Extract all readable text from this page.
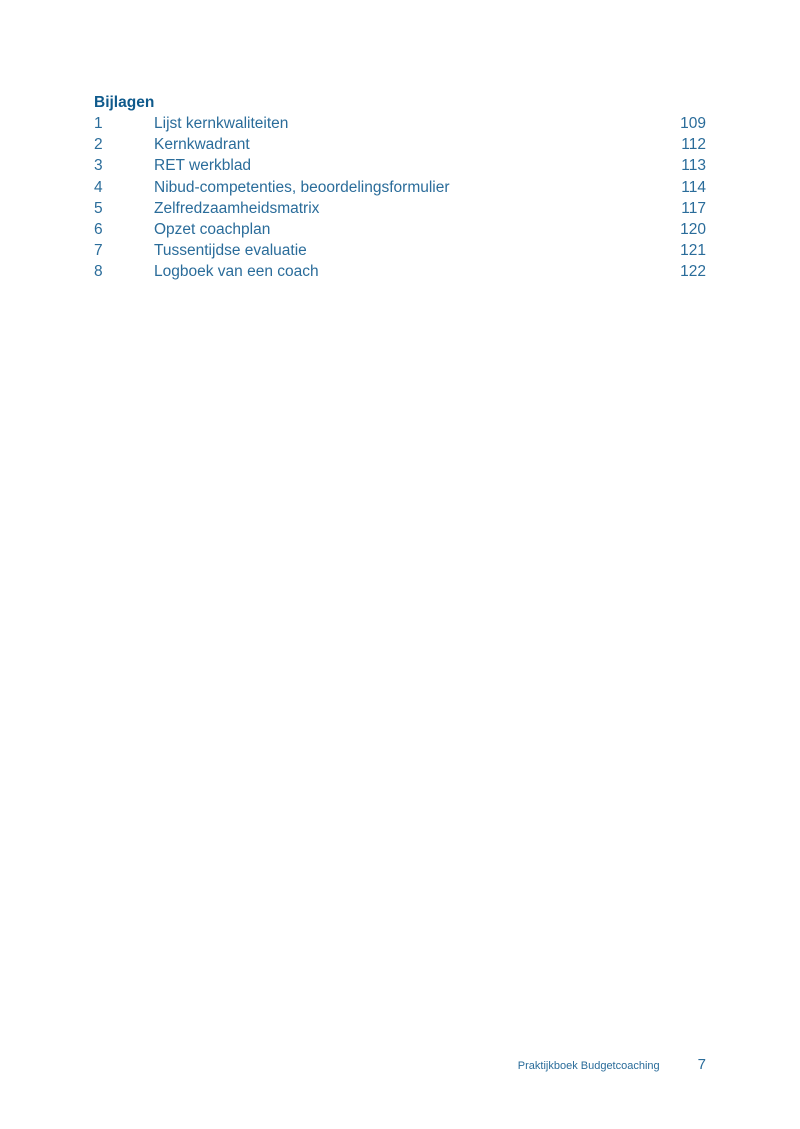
Bijlagen
1	Lijst kernkwaliteiten	109
2	Kernkwadrant	112
3	RET werkblad	113
4	Nibud-competenties, beoordelingsformulier	114
5	Zelfredzaamheidsmatrix	117
6	Opzet coachplan	120
7	Tussentijdse evaluatie	121
8	Logboek van een coach	122
Praktijkboek Budgetcoaching	7
